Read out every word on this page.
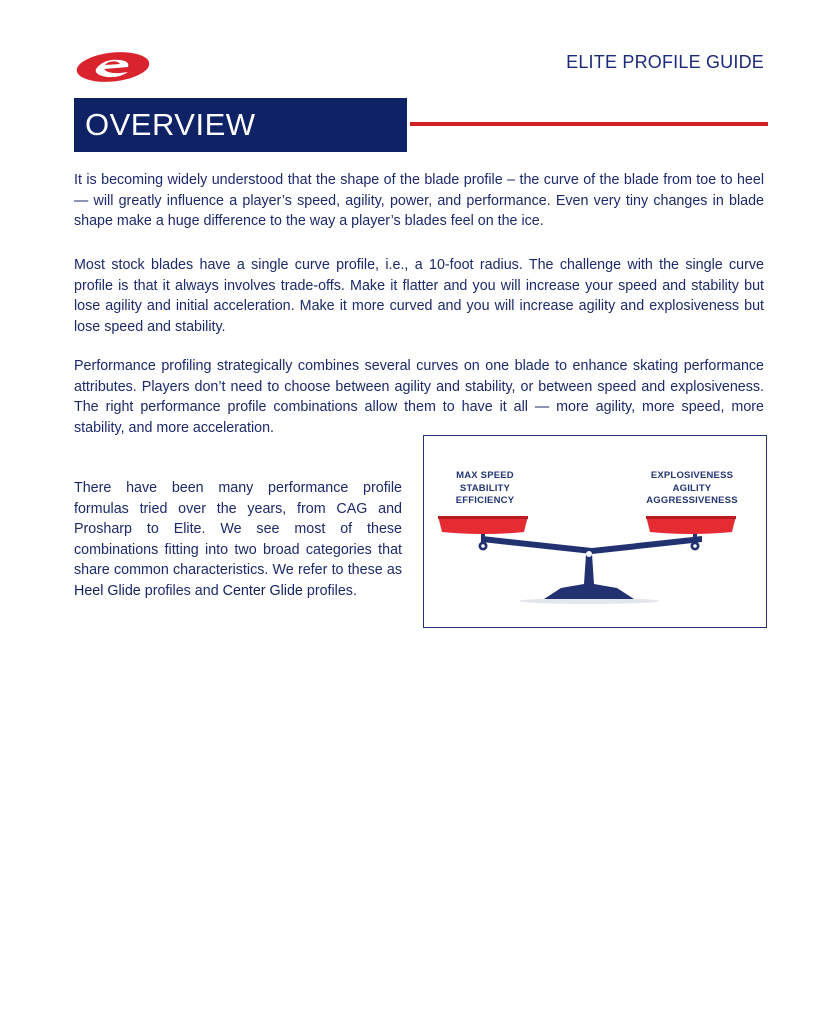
ELITE PROFILE GUIDE
OVERVIEW

It is becoming widely understood that the shape of the blade profile – the curve of the blade from toe to heel — will greatly influence a player’s speed, agility, power, and performance. Even very tiny changes in blade shape make a huge difference to the way a player’s blades feel on the ice.

Most stock blades have a single curve profile, i.e., a 10-foot radius. The challenge with the single curve profile is that it always involves trade-offs. Make it flatter and you will increase your speed and stability but lose agility and initial acceleration. Make it more curved and you will increase agility and explosiveness but lose speed and stability.

Performance profiling strategically combines several curves on one blade to enhance skating performance attributes. Players don’t need to choose between agility and stability, or between speed and explosiveness. The right performance profile combinations allow them to have it all — more agility, more speed, more stability, and more acceleration.

There have been many performance profile formulas tried over the years, from CAG and Prosharp to Elite. We see most of these combinations fitting into two broad categories that share common characteristics. We refer to these as Heel Glide profiles and Center Glide profiles.

MAX SPEED
STABILITY
EFFICIENCY
EXPLOSIVENESS
AGILITY
AGGRESSIVENESS
